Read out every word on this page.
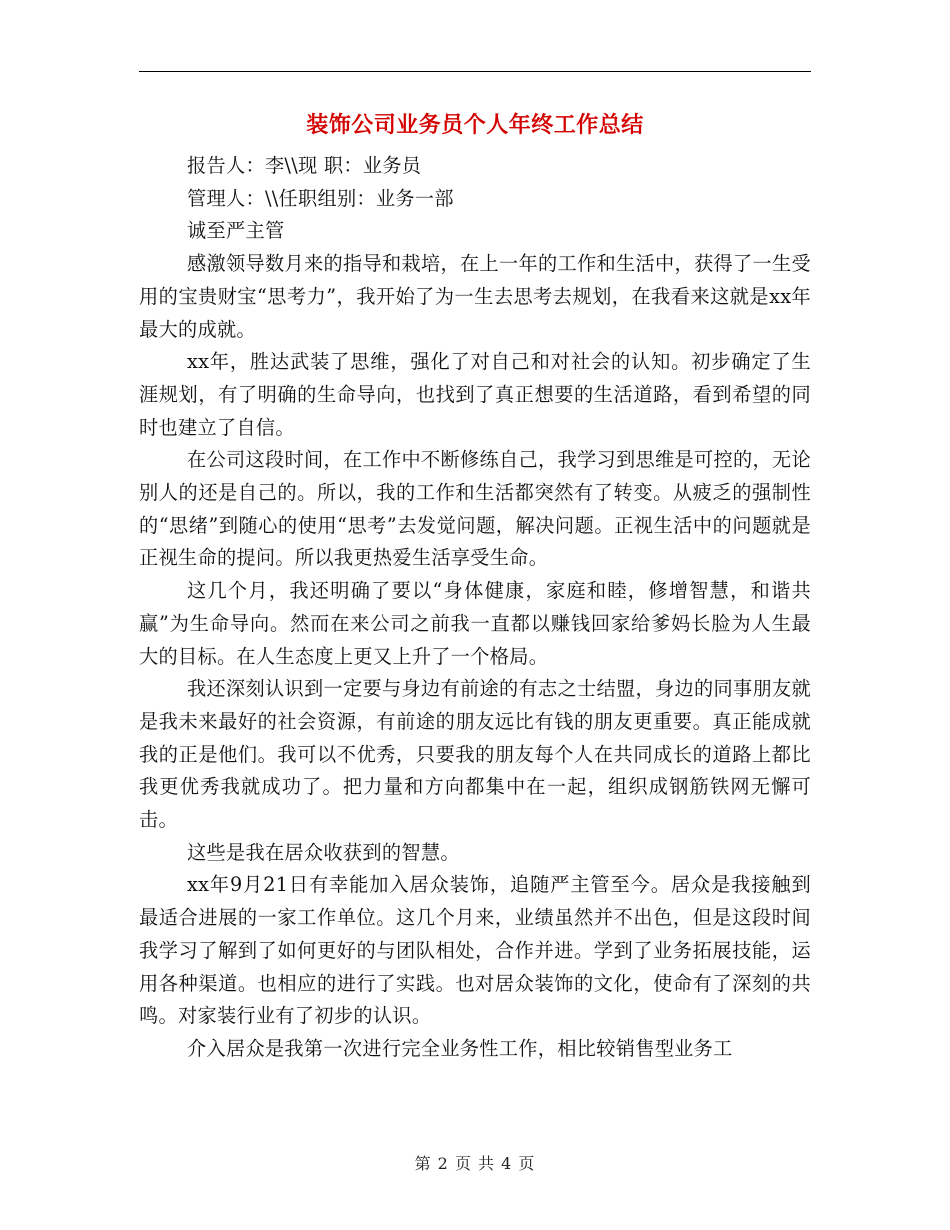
装饰公司业务员个人年终工作总结

报告人：李\\现 职：业务员

管理人：\\任职组别：业务一部

诚至严主管

感激领导数月来的指导和栽培，在上一年的工作和生活中，获得了一生受用的宝贵财宝“思考力”，我开始了为一生去思考去规划，在我看来这就是xx年最大的成就。

xx年，胜达武装了思维，强化了对自己和对社会的认知。初步确定了生涯规划，有了明确的生命导向，也找到了真正想要的生活道路，看到希望的同时也建立了自信。

在公司这段时间，在工作中不断修练自己，我学习到思维是可控的，无论别人的还是自己的。所以，我的工作和生活都突然有了转变。从疲乏的强制性的“思绪”到随心的使用“思考”去发觉问题，解决问题。正视生活中的问题就是正视生命的提问。所以我更热爱生活享受生命。

这几个月，我还明确了要以“身体健康，家庭和睦，修增智慧，和谐共赢”为生命导向。然而在来公司之前我一直都以赚钱回家给爹妈长脸为人生最大的目标。在人生态度上更又上升了一个格局。

我还深刻认识到一定要与身边有前途的有志之士结盟，身边的同事朋友就是我未来最好的社会资源，有前途的朋友远比有钱的朋友更重要。真正能成就我的正是他们。我可以不优秀，只要我的朋友每个人在共同成长的道路上都比我更优秀我就成功了。把力量和方向都集中在一起，组织成钢筋铁网无懈可击。

这些是我在居众收获到的智慧。

xx年9月21日有幸能加入居众装饰，追随严主管至今。居众是我接触到最适合进展的一家工作单位。这几个月来，业绩虽然并不出色，但是这段时间我学习了解到了如何更好的与团队相处，合作并进。学到了业务拓展技能，运用各种渠道。也相应的进行了实践。也对居众装饰的文化，使命有了深刻的共鸣。对家装行业有了初步的认识。

介入居众是我第一次进行完全业务性工作，相比较销售型业务工

第 2 页 共 4 页
